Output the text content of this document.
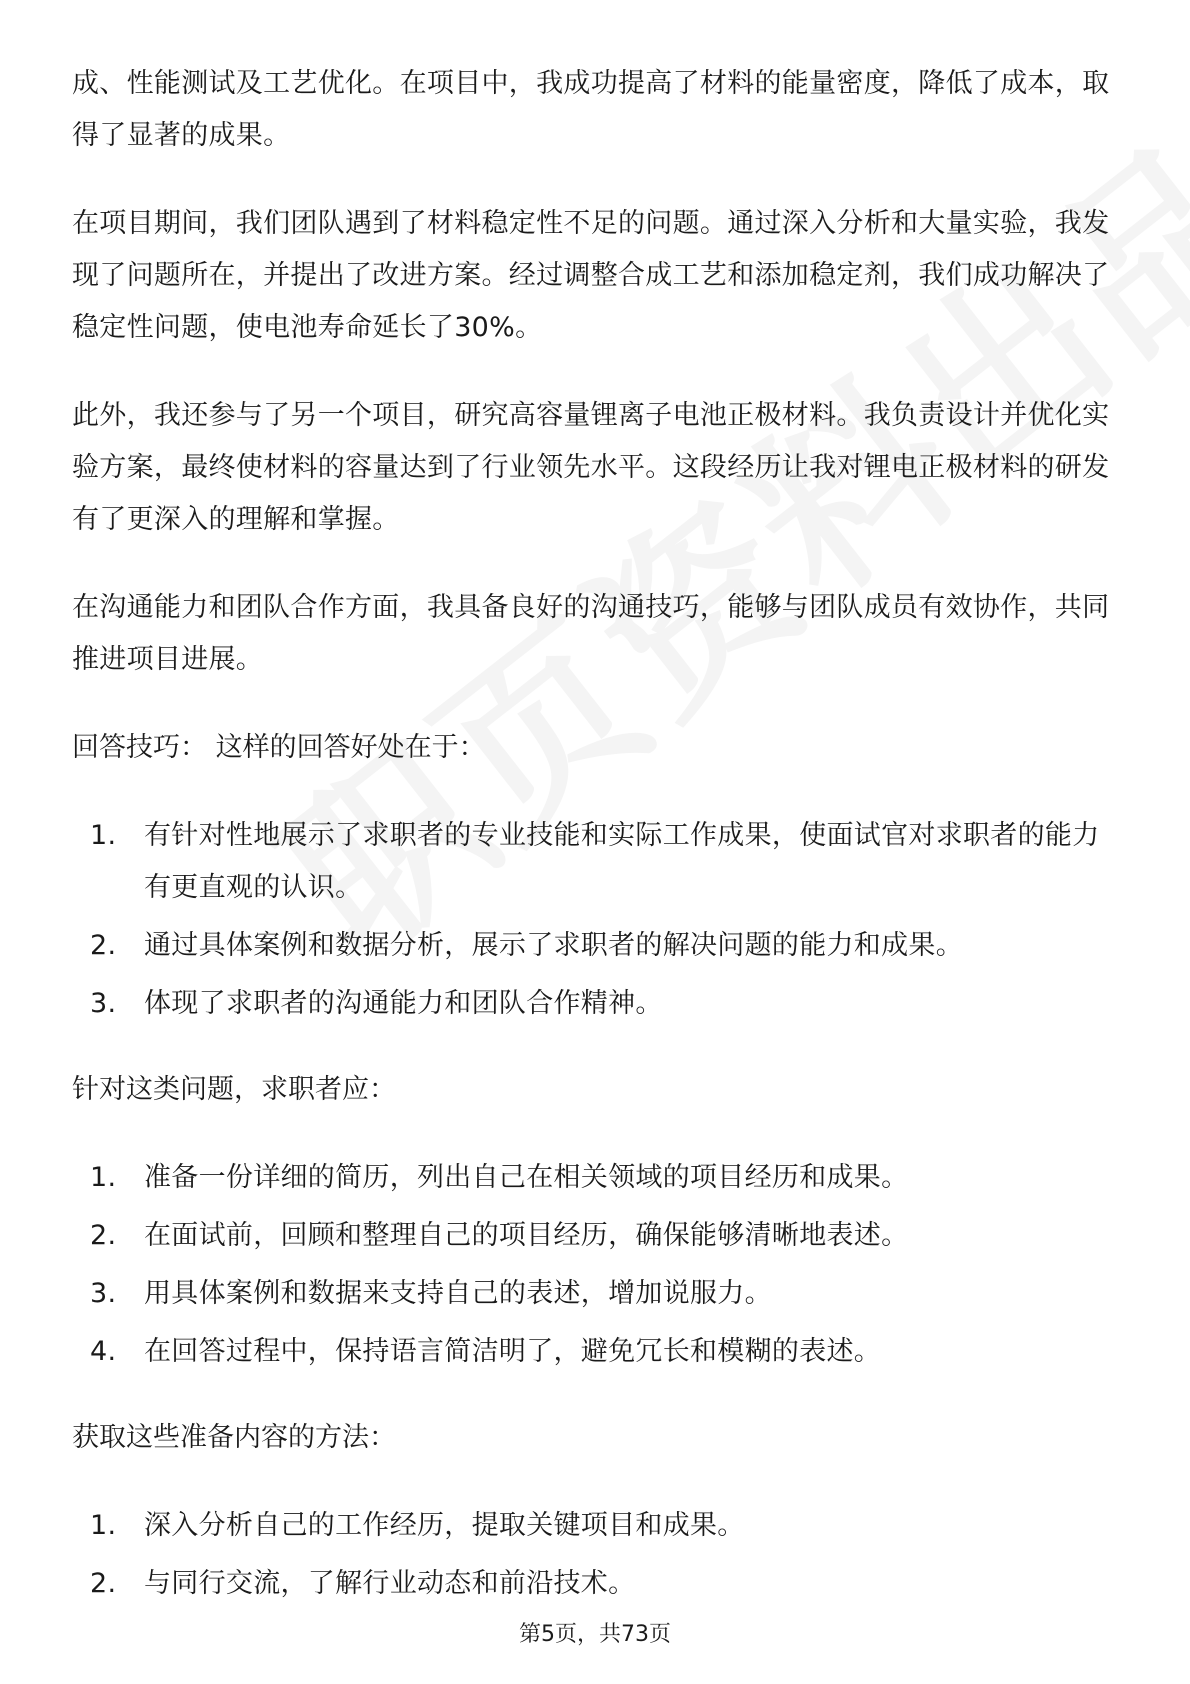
成、性能测试及工艺优化。在项目中，我成功提高了材料的能量密度，降低了成本，取得了显著的成果。

在项目期间，我们团队遇到了材料稳定性不足的问题。通过深入分析和大量实验，我发现了问题所在，并提出了改进方案。经过调整合成工艺和添加稳定剂，我们成功解决了稳定性问题，使电池寿命延长了30%。

此外，我还参与了另一个项目，研究高容量锂离子电池正极材料。我负责设计并优化实验方案，最终使材料的容量达到了行业领先水平。这段经历让我对锂电正极材料的研发有了更深入的理解和掌握。

在沟通能力和团队合作方面，我具备良好的沟通技巧，能够与团队成员有效协作，共同推进项目进展。

回答技巧： 这样的回答好处在于：

1.	有针对性地展示了求职者的专业技能和实际工作成果，使面试官对求职者的能力有更直观的认识。
2.	通过具体案例和数据分析，展示了求职者的解决问题的能力和成果。
3.	体现了求职者的沟通能力和团队合作精神。

针对这类问题，求职者应：

1.	准备一份详细的简历，列出自己在相关领域的项目经历和成果。
2.	在面试前，回顾和整理自己的项目经历，确保能够清晰地表述。
3.	用具体案例和数据来支持自己的表述，增加说服力。
4.	在回答过程中，保持语言简洁明了，避免冗长和模糊的表述。

获取这些准备内容的方法：

1.	深入分析自己的工作经历，提取关键项目和成果。
2.	与同行交流，了解行业动态和前沿技术。
第5页，共73页
